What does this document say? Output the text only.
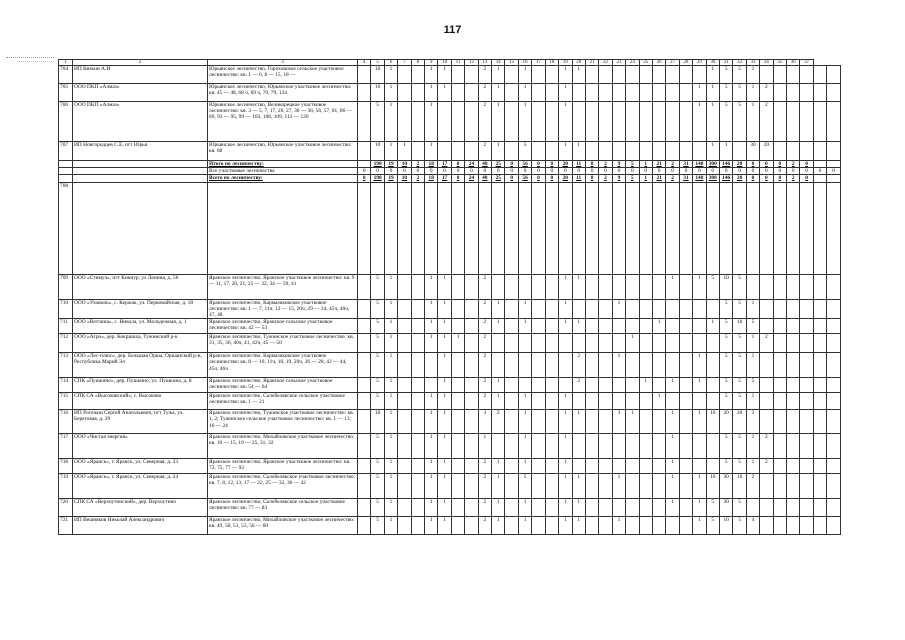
117
1	2	3	4	5	6	7	8	9	10	11	12	13	14	15	16	17	18	19	20	21	22	23	24	25	26	27	28	29	30	31	32	33	34	35	36	37		
704	ИП Вязкин А.И	Юрьянское лесничество, Гороховское сельское участковое лесничество: кв. 1 — 6, 8 — 15, 18 —		10	1			1	1			2	1		1			1	1										1	5	5	1						
705	ООО ПКП «Алмаз»	Юрьянское лесничество, Юрьянское участковое лесничество: кв. 45 — 48, 68 ч, 69 ч, 70, 79, 134		10	1			1	1			2	1		1			1										1	1	5	5	1	2					
706	ООО ПКП «Алмаз»	Юрьянское лесничество, Великорецкое участковое лесничество: кв. 3 — 5, 7, 17, 26, 27, 30 — 36, 56, 57, 81, 86 — 89, 93 — 95, 99 — 103, 108, 109, 113 — 120		5	1			1				2	1		1			1										1	1	5	5	1	2					
707	ИП Новгородцев С.Е, пгт Юрья	Юрьянское лесничество, Юрьянское участковое лесничество: кв. 68		10	1	1		1				2	1		5			1	1										1	1		30	20					
		Итого по лесничеству:		190	19	10	2	18	17	0	24	48	25	0	56	0	0	20	11	8	2	9	5	1	21	2	31	148	300	146	20	0	0	0	2	0		
		Все участковые лесничества	0	0	0	0	0	0	0	0	0	0	0	0	0	0	0	0	0	0	0	0	0	0	0	0	0	0	0	0	0	0	0	0	0	0	0	0
		Всего по лесничеству:	0	190	19	10	2	18	17	0	24	48	25	0	56	0	0	20	11	8	2	9	5	1	21	2	31	148	300	146	20	0	0	0	2	0		
708																																						
709	ООО «Стимул», пгт Кикнур, ул Ленина, д. 56	Яранское лесничество, Яранское участковое лесничество: кв. 9 — 11, 17, 20, 21, 25 — 32, 34 — 39, 41		5	1			1	1			2						1	1							1		1	5	10	5							
710	ООО «Уховиль», с. Кержак, ул. Первомайская, д. 18	Яранское лесничество, Кармазиковское участковое лесничество: кв. 1 — 7, 11ч, 12 — 15, 20ч, 29 — 34, 45ч, 46ч, 47, 48		5	1			1	1			2	1		1			1				1								5	5	1						
711	ООО «Ветчина», с. Никола, ул. Молодежная, д. 1	Яранское лесничество, Яранское сельское участковое лесничество: кв. 42 — 53		5	1			1	1			2	1		1			1	1						1				1	5	10	5						
712	ООО «Агро», дер. Кокршиха, Тужинский р-к	Яранское лесничество, Тужинское участковое лесничество: кв. 31, 35, 36, 40ч, 41, 42ч, 45 — 50		5	1			1	1	1		2											1							5	5	1	2					
713	ООО «Лес-плюс», дер. Большая Орша, Оршанский р-н, Республика Марий Эл	Яранское лесничество, Кармазиковское участковое лесничество: кв. 8 — 10, 11ч, 18, 19, 20ч, 26 — 28, 42 — 44, 45ч, 46ч		5	1				1			2							2			1						1		5	5	1						
714	СПК «Пушкино», дер. Пушкино, ул. Пушкина, д. 8	Яранское лесничество, Яранское сельское участковое лесничество: кв. 54 — 64		5	1				1			2	1						2					1		1		1		5	5	5						
715	СПК СА «Высоковский», с. Высоково	Яранское лесничество, Салобелякское сельское участковое лесничество: кв. 1 — 21		5	1			1	1			2	1		1			1							1					5	5	1						
716	ИП Рогожин Сергей Анатольевич, пгт Тужа, ул. Береговая, д. 29	Яранское лесничество, Тужинское участковое лесничество: кв. 1, 2; Тужинское сельское участковое лесничество: кв. 1 — 13; 16 — 24		10	1			1	1			3	2		1			1	1			3	1			1		1	10	20	20	3						
717	ООО «Чистая энергия»	Яранское лесничество, Михайловское участковое лесничество: кв. 10 — 15, 19 — 25, 31, 32		5	1			1	1			1			1			1								1				5	5	1	2					
718	ООО «Яранск», г. Яранск, ул. Северная, д. 23	Яранское лесничество, Яранское участковое лесничество: кв. 72, 75, 77 — 92		5	1			1	1			2	1		1			1								1				5	5	1	2					
719	ООО «Яранск», г. Яранск, ул. Северная, д. 24	Яранское лесничество, Салобелякское участковое лесничество: кв. 7, 8, 12, 13, 17 — 22, 25 — 32, 36 — 42		5	1			1	1			2	1		5			1	1			1				1		1	10	30	10	2						
720	СПК СА «Верхоутинский», дер. Верхоутино	Яранское лесничество, Салобелякское сельское участковое лесничество: кв. 77 — 83		5	1			1	1			2	1		1			1	1							1		1	5	30	5							
721	ИП Вешняков Николай Александрович	Яранское лесничество, Михайловское участковое лесничество: кв. 49, 50, 51, 53, 56 — 60		5	1			1	1			2	1		1			1	1			1						1	5	10	5	4						
